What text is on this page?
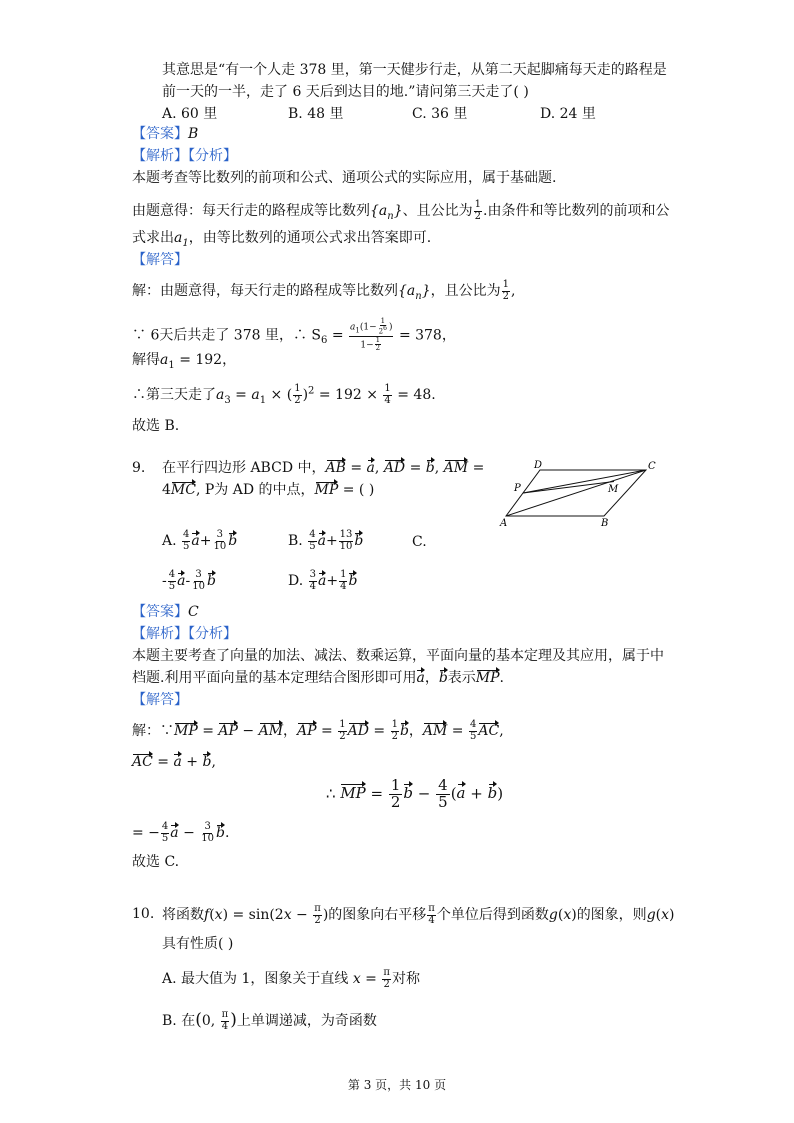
其意思是“有一个人走 378 里，第一天健步行走，从第二天起脚痛每天走的路程是
前一天的一半，走了 6 天后到达目的地.”请问第三天走了( )
A. 60 里	B. 48 里	C. 36 里	D. 24 里
【答案】B
【解析】【分析】
本题考查等比数列的前项和公式、通项公式的实际应用，属于基础题.
由题意得：每天行走的路程成等比数列$\{a_n\}$、且公比为 $\frac{1}{2}$ .由条件和等比数列的前项和公
式求出$a_1$，由等比数列的通项公式求出答案即可.
【解答】
解：由题意得，每天行走的路程成等比数列$\{a_n\}$，且公比为 $\frac{1}{2}$ ,
∵ 6天后共走了 378 里，∴ $S_6 = \frac{a_1(1- \frac{1}{2^6} )}{1- \frac{1}{2}} = 378$，
解得$a_1 = 192$，
∴第三天走了$a_3 = a_1$ × ( $\frac{1}{2} )^2 = 192 \times \frac{1}{4} = 48$.
故选 B.
9. 在平行四边形 ABCD 中，AB = a, AD = b, AM =
4MC, P为 AD 的中点，MP = ( )
D	C
P	M
A	B
A. $\frac{4}{5} a+ \frac{3}{10}$ b	B. $\frac{4}{5} a+ \frac{13}{10}$ b	C.
- $\frac{4}{5} a- \frac{3}{10}$ b	D. $\frac{3}{4} a+ \frac{1}{4}$ b
【答案】C
【解析】【分析】
本题主要考查了向量的加法、减法、数乘运算，平面向量的基本定理及其应用，属于中
档题.利用平面向量的基本定理结合图形即可用a，b表示MP.
【解答】
解：∵MP = AP − AM，AP = $\frac{1}{2}$ AD = $\frac{1}{2}$ b，AM = $\frac{4}{5}$ AC,
AC = a + b,
∴ MP = $\frac{1}{2}$ $b - \frac{4}{5} (a + b)$
= − $\frac{4}{5}$ $a - \frac{3}{10} b$.
故选 C.
10. 将函数$f(x) = \sin(2x - \frac{\pi}{2}$ )的图象向右平移 $\frac{\pi}{4}$ 个单位后得到函数g(x)的图象，则g(x)
具有性质( )
A. 最大值为 1，图象关于直线 $x = \frac{\pi}{2}$ 对称
B. 在(0, $\frac{\pi}{4}$ )上单调递减，为奇函数
第 3 页，共 10 页
